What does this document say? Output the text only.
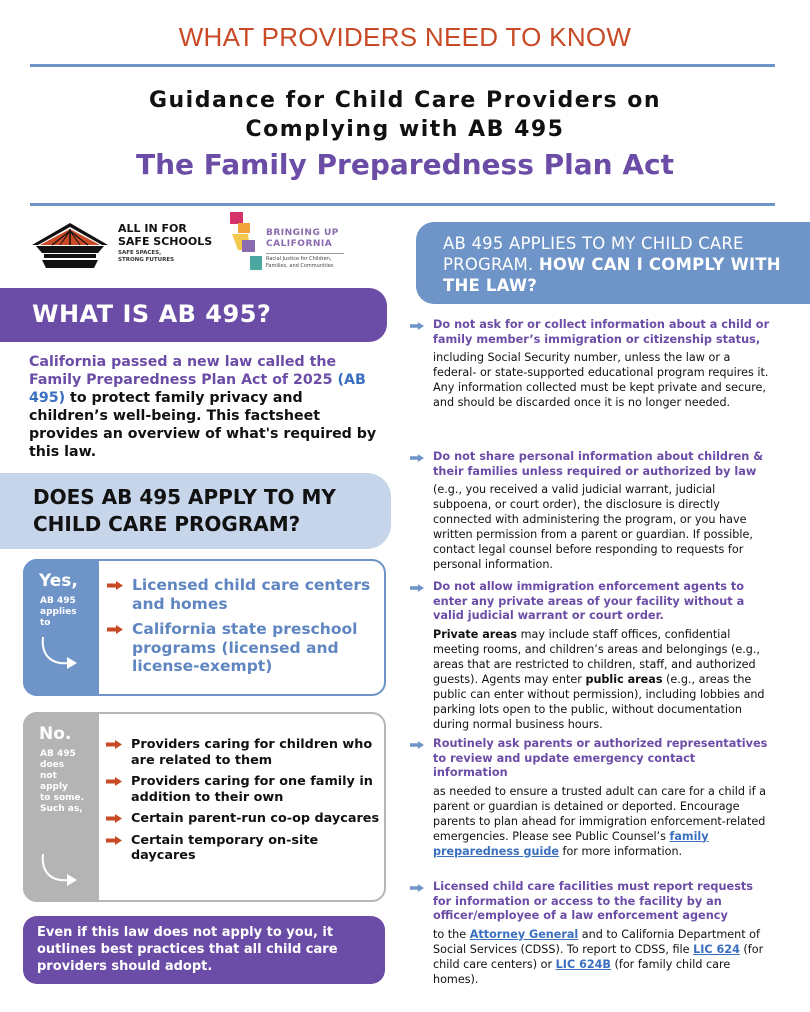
WHAT PROVIDERS NEED TO KNOW
Guidance for Child Care Providers on
Complying with AB 495
The Family Preparedness Plan Act
ALL IN FOR
SAFE SCHOOLS
SAFE SPACES,
STRONG FUTURES
BRINGING UP
CALIFORNIA
Racial Justice for Children,
Families, and Communities
WHAT IS AB 495?
California passed a new law called the Family Preparedness Plan Act of 2025 (AB 495) to protect family privacy and children’s well-being. This factsheet provides an overview of what's required by this law.
DOES AB 495 APPLY TO MY CHILD CARE PROGRAM?
Yes,
AB 495
applies
to
Licensed child care centers and homes
California state preschool programs (licensed and license-exempt)
No.
AB 495
does
not
apply
to some.
Such as,
Providers caring for children who are related to them
Providers caring for one family in addition to their own
Certain parent-run co-op daycares
Certain temporary on-site daycares
Even if this law does not apply to you, it outlines best practices that all child care providers should adopt.
AB 495 APPLIES TO MY CHILD CARE PROGRAM. HOW CAN I COMPLY WITH THE LAW?
Do not ask for or collect information about a child or family member’s immigration or citizenship status,
including Social Security number, unless the law or a federal- or state-supported educational program requires it. Any information collected must be kept private and secure, and should be discarded once it is no longer needed.
Do not share personal information about children & their families unless required or authorized by law
(e.g., you received a valid judicial warrant, judicial subpoena, or court order), the disclosure is directly connected with administering the program, or you have written permission from a parent or guardian. If possible, contact legal counsel before responding to requests for personal information.
Do not allow immigration enforcement agents to enter any private areas of your facility without a valid judicial warrant or court order.
Private areas may include staff offices, confidential meeting rooms, and children’s areas and belongings (e.g., areas that are restricted to children, staff, and authorized guests). Agents may enter public areas (e.g., areas the public can enter without permission), including lobbies and parking lots open to the public, without documentation during normal business hours.
Routinely ask parents or authorized representatives to review and update emergency contact information
as needed to ensure a trusted adult can care for a child if a parent or guardian is detained or deported. Encourage parents to plan ahead for immigration enforcement-related emergencies. Please see Public Counsel’s family preparedness guide for more information.
Licensed child care facilities must report requests for information or access to the facility by an officer/employee of a law enforcement agency
to the Attorney General and to California Department of Social Services (CDSS). To report to CDSS, file LIC 624 (for child care centers) or LIC 624B (for family child care homes).
